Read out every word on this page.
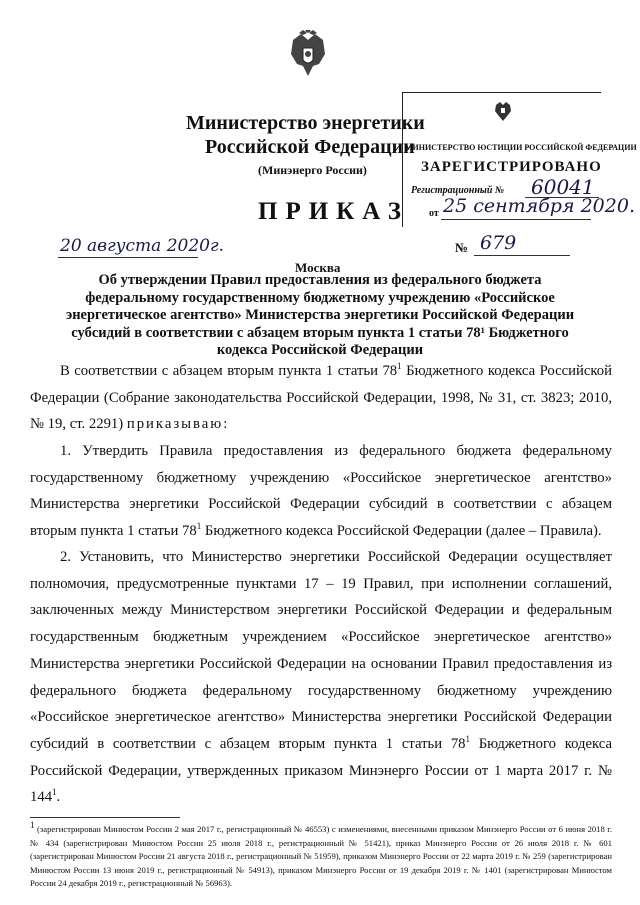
Министерство энергетики
Российской Федерации
(Минэнерго России)
ПРИКАЗ
МИНИСТЕРСТВО ЮСТИЦИИ РОССИЙСКОЙ ФЕДЕРАЦИИ
ЗАРЕГИСТРИРОВАНО
Регистрационный № 60041
от 25 сентября 2020.
20 августа 2020г.	№ 679
Москва
Об утверждении Правил предоставления из федерального бюджета федеральному государственному бюджетному учреждению «Российское энергетическое агентство» Министерства энергетики Российской Федерации субсидий в соответствии с абзацем вторым пункта 1 статьи 78¹ Бюджетного кодекса Российской Федерации
В соответствии с абзацем вторым пункта 1 статьи $78^1$ Бюджетного кодекса Российской Федерации (Собрание законодательства Российской Федерации, 1998, № 31, ст. 3823; 2010, № 19, ст. 2291) приказываю:
1. Утвердить Правила предоставления из федерального бюджета федеральному государственному бюджетному учреждению «Российское энергетическое агентство» Министерства энергетики Российской Федерации субсидий в соответствии с абзацем вторым пункта 1 статьи $78^1$ Бюджетного кодекса Российской Федерации (далее – Правила).
2. Установить, что Министерство энергетики Российской Федерации осуществляет полномочия, предусмотренные пунктами 17 – 19 Правил, при исполнении соглашений, заключенных между Министерством энергетики Российской Федерации и федеральным государственным бюджетным учреждением «Российское энергетическое агентство» Министерства энергетики Российской Федерации на основании Правил предоставления из федерального бюджета федеральному государственному бюджетному учреждению «Российское энергетическое агентство» Министерства энергетики Российской Федерации субсидий в соответствии с абзацем вторым пункта 1 статьи $78^1$ Бюджетного кодекса Российской Федерации, утвержденных приказом Минэнерго России от 1 марта 2017 г. № $144^1$.
$^1$ (зарегистрирован Минюстом России 2 мая 2017 г., регистрационный № 46553) с изменениями, внесенными приказом Минэнерго России от 6 июня 2018 г. № 434 (зарегистрирован Минюстом России 25 июля 2018 г., регистрационный № 51421), приказ Минэнерго России от 26 июля 2018 г. № 601 (зарегистрирован Минюстом России 21 августа 2018 г., регистрационный № 51959), приказом Минэнерго России от 22 марта 2019 г. № 259 (зарегистрирован Минюстом России 13 июня 2019 г., регистрационный № 54913), приказом Минэнерго России от 19 декабря 2019 г. № 1401 (зарегистрирован Минюстом России 24 декабря 2019 г., регистрационный № 56963).
